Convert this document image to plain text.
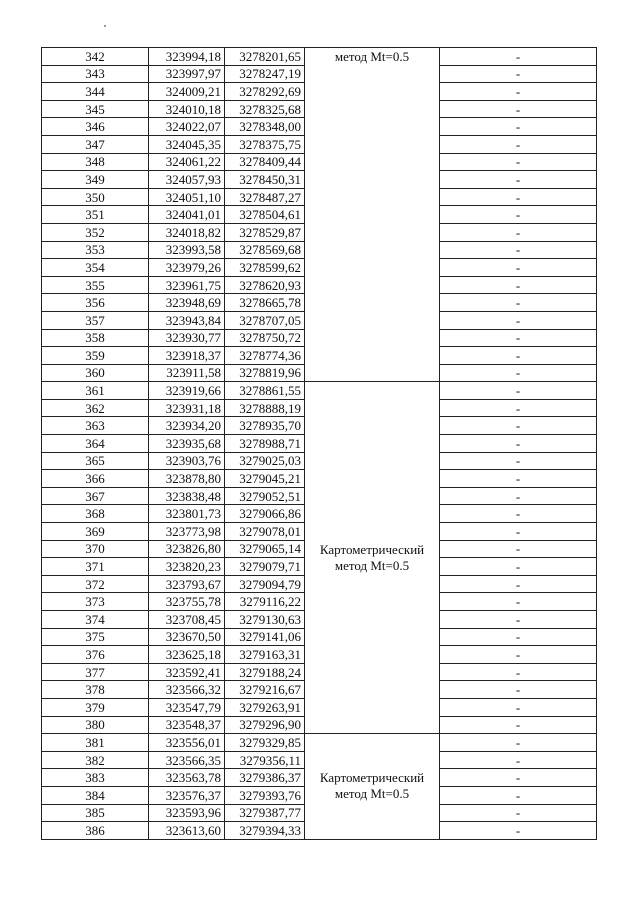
342	323994,18	3278201,65	метод Mt=0.5	-
343	323997,97	3278247,19		-
344	324009,21	3278292,69		-
345	324010,18	3278325,68		-
346	324022,07	3278348,00		-
347	324045,35	3278375,75		-
348	324061,22	3278409,44		-
349	324057,93	3278450,31		-
350	324051,10	3278487,27		-
351	324041,01	3278504,61		-
352	324018,82	3278529,87		-
353	323993,58	3278569,68		-
354	323979,26	3278599,62		-
355	323961,75	3278620,93		-
356	323948,69	3278665,78		-
357	323943,84	3278707,05		-
358	323930,77	3278750,72		-
359	323918,37	3278774,36		-
360	323911,58	3278819,96		-
361	323919,66	3278861,55	Картометрический метод Mt=0.5	-
362	323931,18	3278888,19		-
363	323934,20	3278935,70		-
364	323935,68	3278988,71		-
365	323903,76	3279025,03		-
366	323878,80	3279045,21		-
367	323838,48	3279052,51		-
368	323801,73	3279066,86		-
369	323773,98	3279078,01		-
370	323826,80	3279065,14		-
371	323820,23	3279079,71		-
372	323793,67	3279094,79		-
373	323755,78	3279116,22		-
374	323708,45	3279130,63		-
375	323670,50	3279141,06		-
376	323625,18	3279163,31		-
377	323592,41	3279188,24		-
378	323566,32	3279216,67		-
379	323547,79	3279263,91		-
380	323548,37	3279296,90		-
381	323556,01	3279329,85	Картометрический метод Mt=0.5	-
382	323566,35	3279356,11		-
383	323563,78	3279386,37		-
384	323576,37	3279393,76		-
385	323593,96	3279387,77		-
386	323613,60	3279394,33		-
